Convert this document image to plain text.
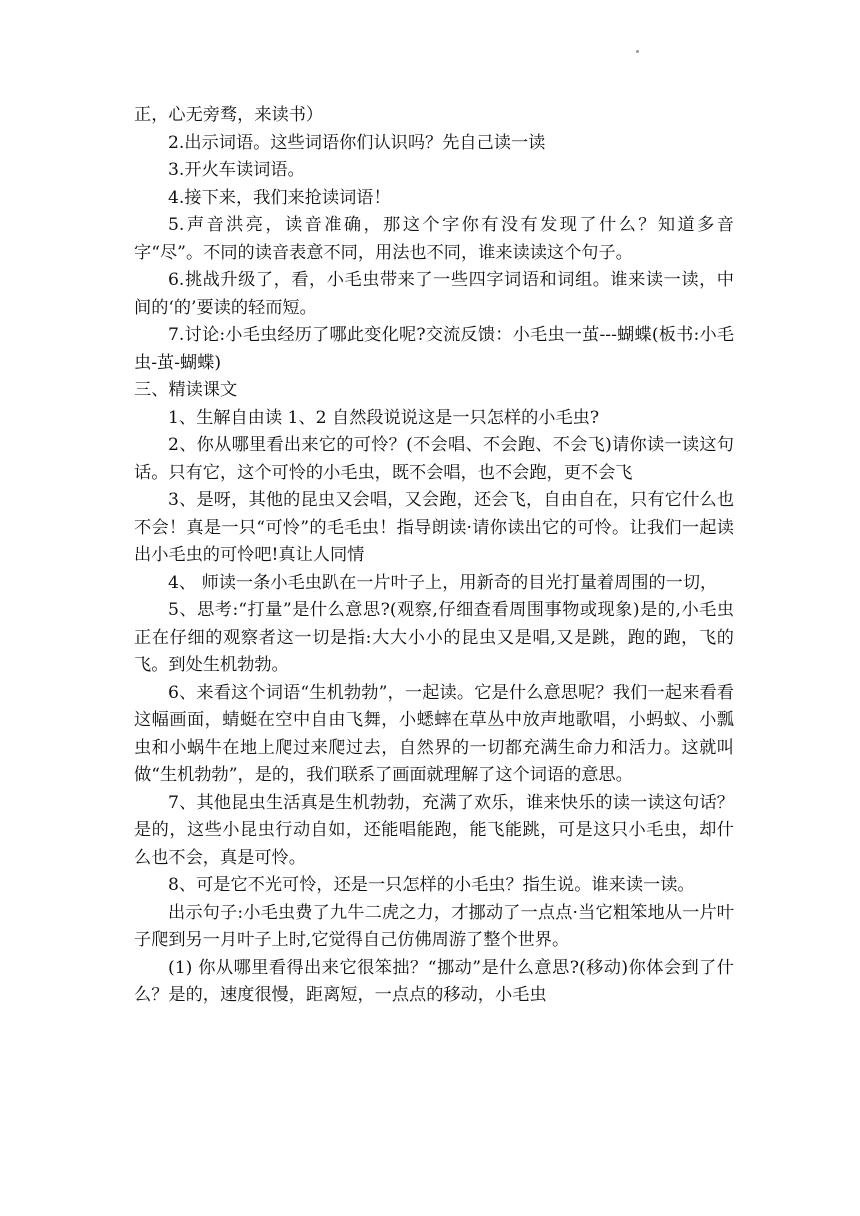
正，心无旁骛，来读书）

2.出示词语。这些词语你们认识吗？先自己读一读

3.开火车读词语。

4.接下来，我们来抢读词语！

5.声音洪亮，读音准确，那这个字你有没有发现了什么？知道多音字“尽”。不同的读音表意不同，用法也不同，谁来读读这个句子。

6.挑战升级了，看，小毛虫带来了一些四字词语和词组。谁来读一读，中间的‘的’要读的轻而短。

7.讨论:小毛虫经历了哪此变化呢?交流反馈：小毛虫一茧---蝴蝶(板书:小毛虫-茧-蝴蝶)

三、精读课文

1、生解自由读 1、2 自然段说说这是一只怎样的小毛虫?

2、你从哪里看出来它的可怜？(不会唱、不会跑、不会飞)请你读一读这句话。只有它，这个可怜的小毛虫，既不会唱，也不会跑，更不会飞

3、是呀，其他的昆虫又会唱，又会跑，还会飞，自由自在，只有它什么也不会！真是一只“可怜”的毛毛虫！指导朗读·请你读出它的可怜。让我们一起读出小毛虫的可怜吧!真让人同情

4、 师读一条小毛虫趴在一片叶子上，用新奇的目光打量着周围的一切，

5、思考:“打量”是什么意思?(观察,仔细查看周围事物或现象)是的,小毛虫正在仔细的观察者这一切是指:大大小小的昆虫又是唱,又是跳，跑的跑，飞的飞。到处生机勃勃。

6、来看这个词语“生机勃勃”，一起读。它是什么意思呢？我们一起来看看这幅画面，蜻蜓在空中自由飞舞，小蟋蟀在草丛中放声地歌唱，小蚂蚁、小瓢虫和小蜗牛在地上爬过来爬过去，自然界的一切都充满生命力和活力。这就叫做“生机勃勃”，是的，我们联系了画面就理解了这个词语的意思。

7、其他昆虫生活真是生机勃勃，充满了欢乐，谁来快乐的读一读这句话？是的，这些小昆虫行动自如，还能唱能跑，能飞能跳，可是这只小毛虫，却什么也不会，真是可怜。

8、可是它不光可怜，还是一只怎样的小毛虫？指生说。谁来读一读。

出示句子:小毛虫费了九牛二虎之力，才挪动了一点点·当它粗笨地从一片叶子爬到另一月叶子上时,它觉得自己仿佛周游了整个世界。

(1) 你从哪里看得出来它很笨拙？“挪动”是什么意思?(移动)你体会到了什么？是的，速度很慢，距离短，一点点的移动，小毛虫
